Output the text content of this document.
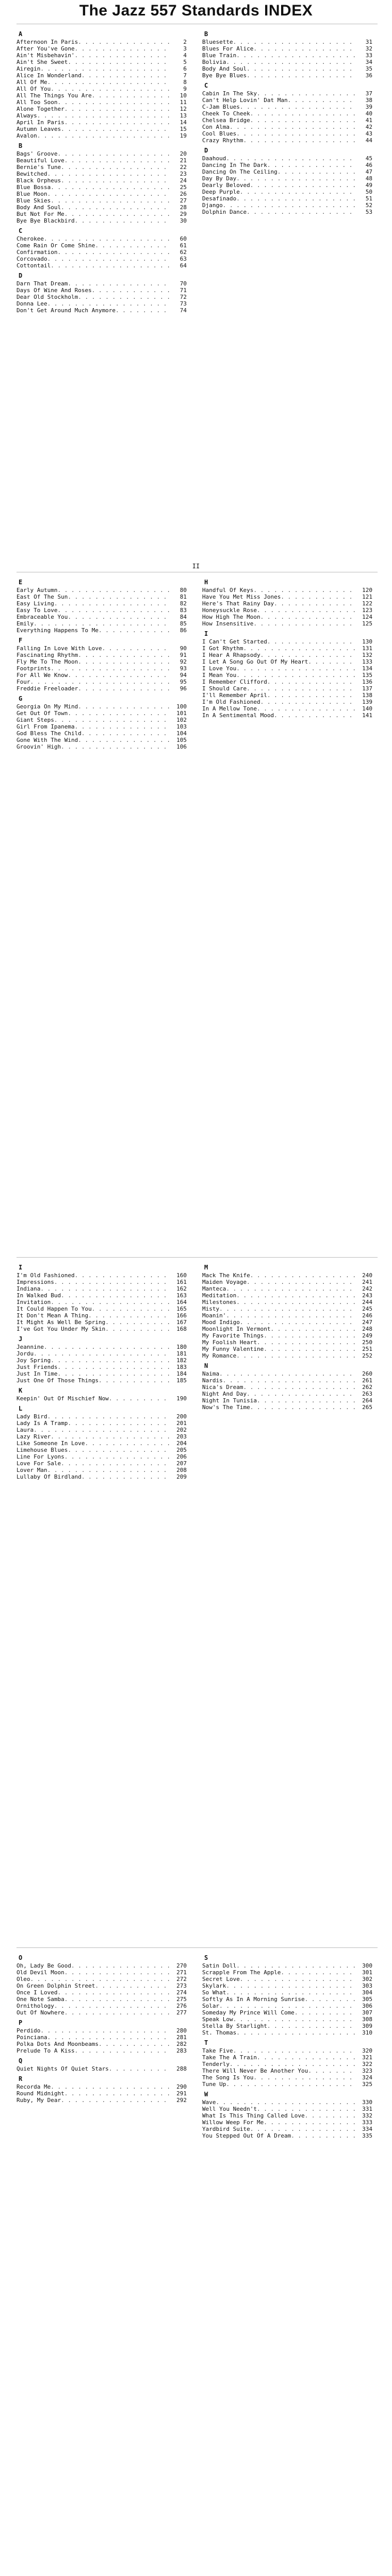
The Jazz 557 Standards INDEX
A
Afternoon In Paris . . .	2
After You've Gone . . .	3
Ain't Misbehavin' . . .	4
Ain't She Sweet . . .	5
Airegin . . .	6
Alice In Wonderland . . .	7
All Of Me . . .	8
All Of You . . .	9
All The Things You Are . . .	10
All Too Soon . . .	11
Alone Together . . .	12
Always . . .	13
April In Paris . . .	14
Autumn Leaves . . .	15
Avalon . . .	19
B
Bags' Groove . . .	20
Beautiful Love . . .	21
Bernie's Tune . . .	22
Bewitched . . .	23
Black Orpheus . . .	24
Blue Bossa . . .	25
Blue Moon . . .	26
Blue Skies . . .	27
Body And Soul . . .	28
But Not For Me . . .	29
Bye Bye Blackbird . . .	30
C
Cherokee . . .	60
Come Rain Or Come Shine . . .	61
Confirmation . . .	62
Corcovado . . .	63
Cottontail . . .	64
D
Darn That Dream . . .	70
Days Of Wine And Roses . . .	71
Dear Old Stockholm . . .	72
Donna Lee . . .	73
Don't Get Around Much Anymore . . .	74
B
Bluesette . . .	31
Blues For Alice . . .	32
Blue Train . . .	33
Bolivia . . .	34
Body And Soul . . .	35
Bye Bye Blues . . .	36
C
Cabin In The Sky . . .	37
Can't Help Lovin' Dat Man . . .	38
C-Jam Blues . . .	39
Cheek To Cheek . . .	40
Chelsea Bridge . . .	41
Con Alma . . .	42
Cool Blues . . .	43
Crazy Rhythm . . .	44
D
Daahoud . . .	45
Dancing In The Dark . . .	46
Dancing On The Ceiling . . .	47
Day By Day . . .	48
Dearly Beloved . . .	49
Deep Purple . . .	50
Desafinado . . .	51
Django . . .	52
Dolphin Dance . . .	53
II
E
Early Autumn . . .	80
East Of The Sun . . .	81
Easy Living . . .	82
Easy To Love . . .	83
Embraceable You . . .	84
Emily . . .	85
Everything Happens To Me . . .	86
F
Falling In Love With Love . . .	90
Fascinating Rhythm . . .	91
Fly Me To The Moon . . .	92
Footprints . . .	93
For All We Know . . .	94
Four . . .	95
Freddie Freeloader . . .	96
G
Georgia On My Mind . . .	100
Get Out Of Town . . .	101
Giant Steps . . .	102
Girl From Ipanema . . .	103
God Bless The Child . . .	104
Gone With The Wind . . .	105
Groovin' High . . .	106
H
Handful Of Keys . . .	120
Have You Met Miss Jones . . .	121
Here's That Rainy Day . . .	122
Honeysuckle Rose . . .	123
How High The Moon . . .	124
How Insensitive . . .	125
I
I Can't Get Started . . .	130
I Got Rhythm . . .	131
I Hear A Rhapsody . . .	132
I Let A Song Go Out Of My Heart . . .	133
I Love You . . .	134
I Mean You . . .	135
I Remember Clifford . . .	136
I Should Care . . .	137
I'll Remember April . . .	138
I'm Old Fashioned . . .	139
In A Mellow Tone . . .	140
In A Sentimental Mood . . .	141
I
I'm Old Fashioned . . .	160
Impressions . . .	161
Indiana . . .	162
In Walked Bud . . .	163
Invitation . . .	164
It Could Happen To You . . .	165
It Don't Mean A Thing . . .	166
It Might As Well Be Spring . . .	167
I've Got You Under My Skin . . .	168
J
Jeannine . . .	180
Jordu . . .	181
Joy Spring . . .	182
Just Friends . . .	183
Just In Time . . .	184
Just One Of Those Things . . .	185
K
Keepin' Out Of Mischief Now . . .	190
L
Lady Bird . . .	200
Lady Is A Tramp . . .	201
Laura . . .	202
Lazy River . . .	203
Like Someone In Love . . .	204
Limehouse Blues . . .	205
Line For Lyons . . .	206
Love For Sale . . .	207
Lover Man . . .	208
Lullaby Of Birdland . . .	209
M
Mack The Knife . . .	240
Maiden Voyage . . .	241
Manteca . . .	242
Meditation . . .	243
Milestones . . .	244
Misty . . .	245
Moanin' . . .	246
Mood Indigo . . .	247
Moonlight In Vermont . . .	248
My Favorite Things . . .	249
My Foolish Heart . . .	250
My Funny Valentine . . .	251
My Romance . . .	252
N
Naima . . .	260
Nardis . . .	261
Nica's Dream . . .	262
Night And Day . . .	263
Night In Tunisia . . .	264
Now's The Time . . .	265
O
Oh, Lady Be Good . . .	270
Old Devil Moon . . .	271
Oleo . . .	272
On Green Dolphin Street . . .	273
Once I Loved . . .	274
One Note Samba . . .	275
Ornithology . . .	276
Out Of Nowhere . . .	277
P
Perdido . . .	280
Poinciana . . .	281
Polka Dots And Moonbeams . . .	282
Prelude To A Kiss . . .	283
Q
Quiet Nights Of Quiet Stars . . .	288
R
Recorda Me . . .	290
Round Midnight . . .	291
Ruby, My Dear . . .	292
S
Satin Doll . . .	300
Scrapple From The Apple . . .	301
Secret Love . . .	302
Skylark . . .	303
So What . . .	304
Softly As In A Morning Sunrise . . .	305
Solar . . .	306
Someday My Prince Will Come . . .	307
Speak Low . . .	308
Stella By Starlight . . .	309
St. Thomas . . .	310
T
Take Five . . .	320
Take The A Train . . .	321
Tenderly . . .	322
There Will Never Be Another You . . .	323
The Song Is You . . .	324
Tune Up . . .	325
W
Wave . . .	330
Well You Needn't . . .	331
What Is This Thing Called Love . . .	332
Willow Weep For Me . . .	333
Yardbird Suite . . .	334
You Stepped Out Of A Dream . . .	335
